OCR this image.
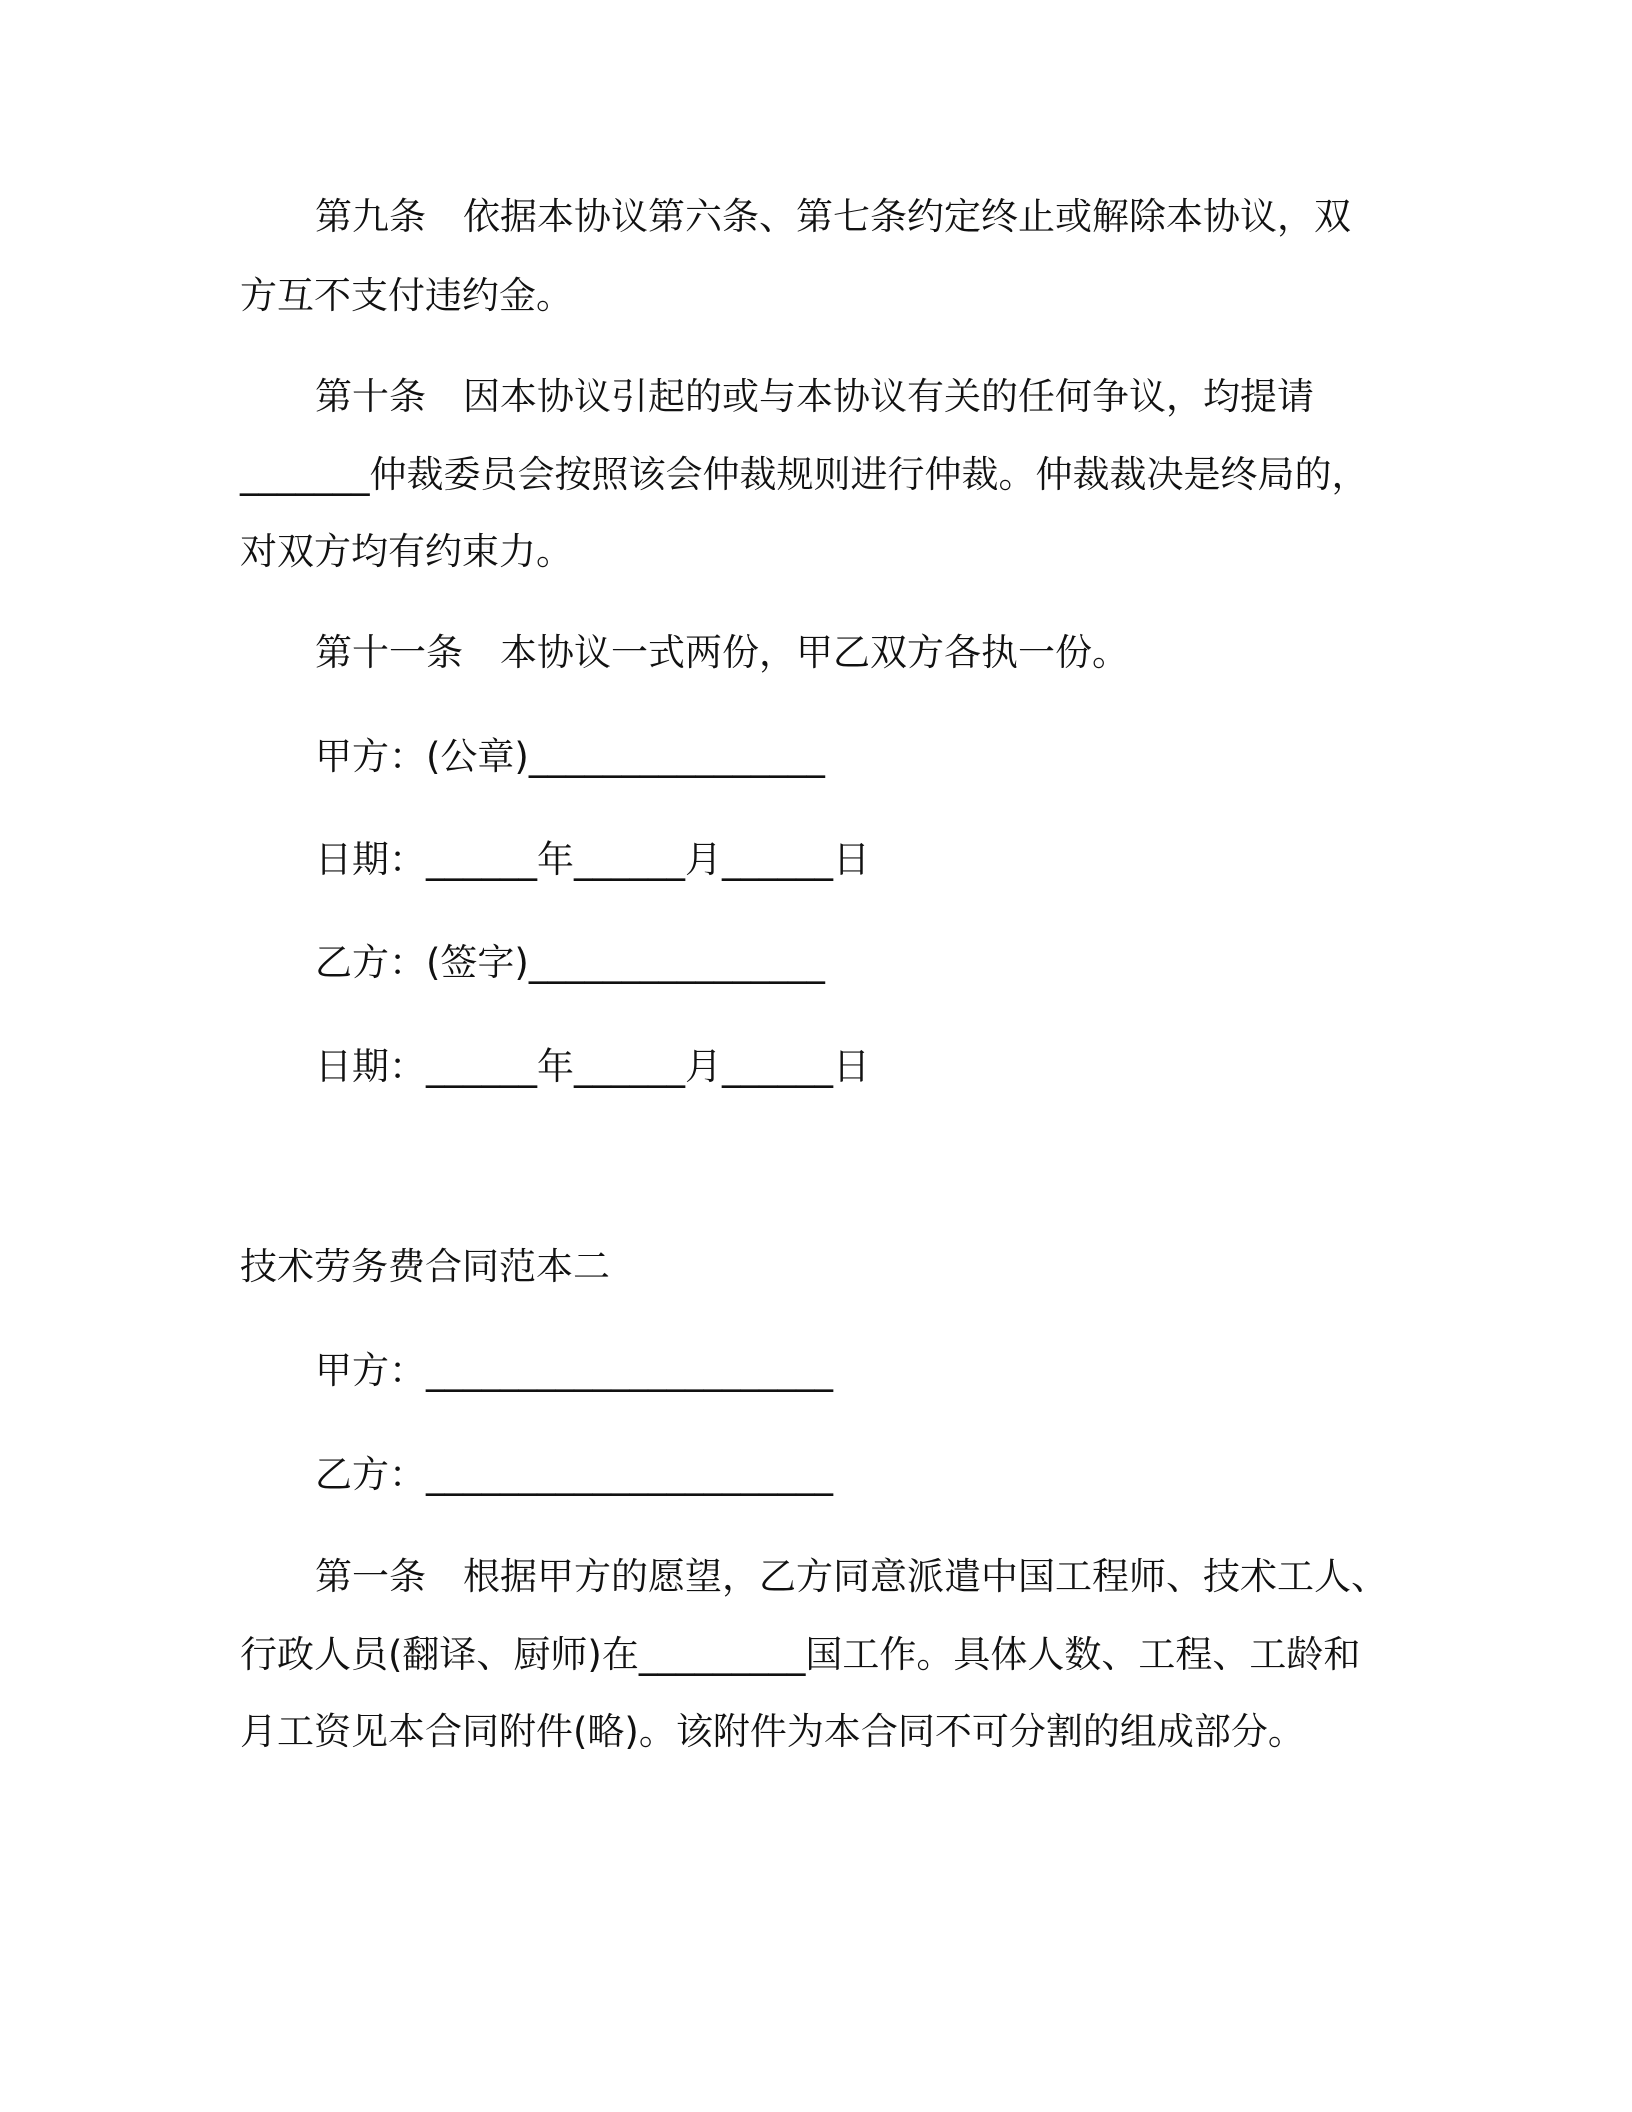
第九条　依据本协议第六条、第七条约定终止或解除本协议，双
方互不支付违约金。
第十条　因本协议引起的或与本协议有关的任何争议，均提请
_______仲裁委员会按照该会仲裁规则进行仲裁。仲裁裁决是终局的，
对双方均有约束力。
第十一条　本协议一式两份，甲乙双方各执一份。
甲方：(公章)________________
日期：______年______月______日
乙方：(签字)________________
日期：______年______月______日
技术劳务费合同范本二
甲方：______________________
乙方：______________________
第一条　根据甲方的愿望，乙方同意派遣中国工程师、技术工人、
行政人员(翻译、厨师)在_________国工作。具体人数、工程、工龄和
月工资见本合同附件(略)。该附件为本合同不可分割的组成部分。
